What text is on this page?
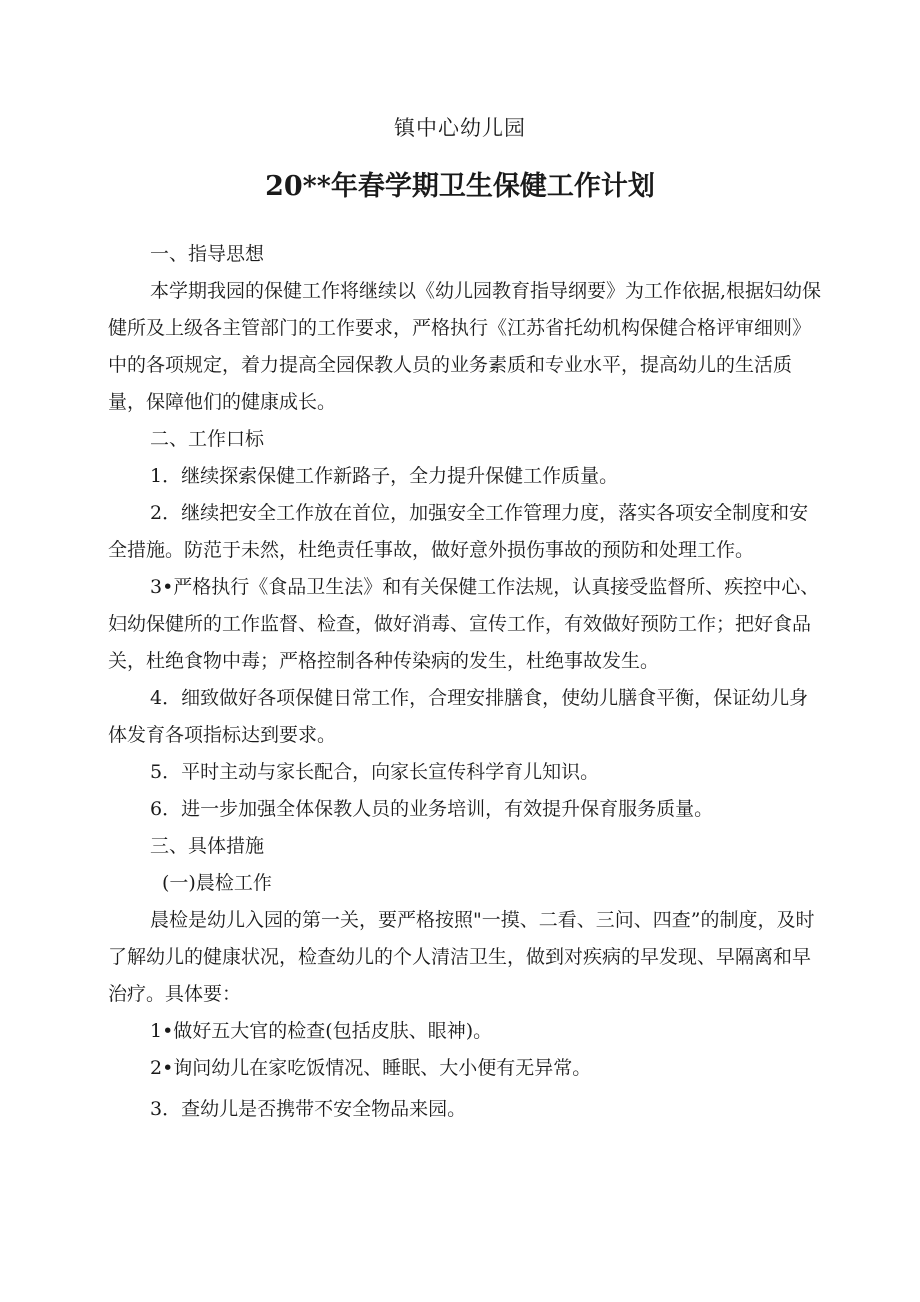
镇中心幼儿园
20**年春学期卫生保健工作计划

一、指导思想

本学期我园的保健工作将继续以《幼儿园教育指导纲要》为工作依据,根据妇幼保健所及上级各主管部门的工作要求，严格执行《江苏省托幼机构保健合格评审细则》中的各项规定，着力提高全园保教人员的业务素质和专业水平，提高幼儿的生活质量，保障他们的健康成长。

二、工作口标

1．继续探索保健工作新路子，全力提升保健工作质量。

2．继续把安全工作放在首位，加强安全工作管理力度，落实各项安全制度和安全措施。防范于未然，杜绝责任事故，做好意外损伤事故的预防和处理工作。

3•严格执行《食品卫生法》和有关保健工作法规，认真接受监督所、疾控中心、妇幼保健所的工作监督、检查，做好消毒、宣传工作，有效做好预防工作；把好食品关，杜绝食物中毒；严格控制各种传染病的发生，杜绝事故发生。

4．细致做好各项保健日常工作，合理安排膳食，使幼儿膳食平衡，保证幼儿身体发育各项指标达到要求。

5．平时主动与家长配合，向家长宣传科学育儿知识。

6．进一步加强全体保教人员的业务培训，有效提升保育服务质量。

三、具体措施

(一)晨检工作

晨检是幼儿入园的第一关，要严格按照"一摸、二看、三问、四查”的制度，及时了解幼儿的健康状况，检查幼儿的个人清洁卫生，做到对疾病的早发现、早隔离和早治疗。具体要：

1•做好五大官的检查(包括皮肤、眼神)。

2•询问幼儿在家吃饭情况、睡眠、大小便有无异常。

3．查幼儿是否携带不安全物品来园。
